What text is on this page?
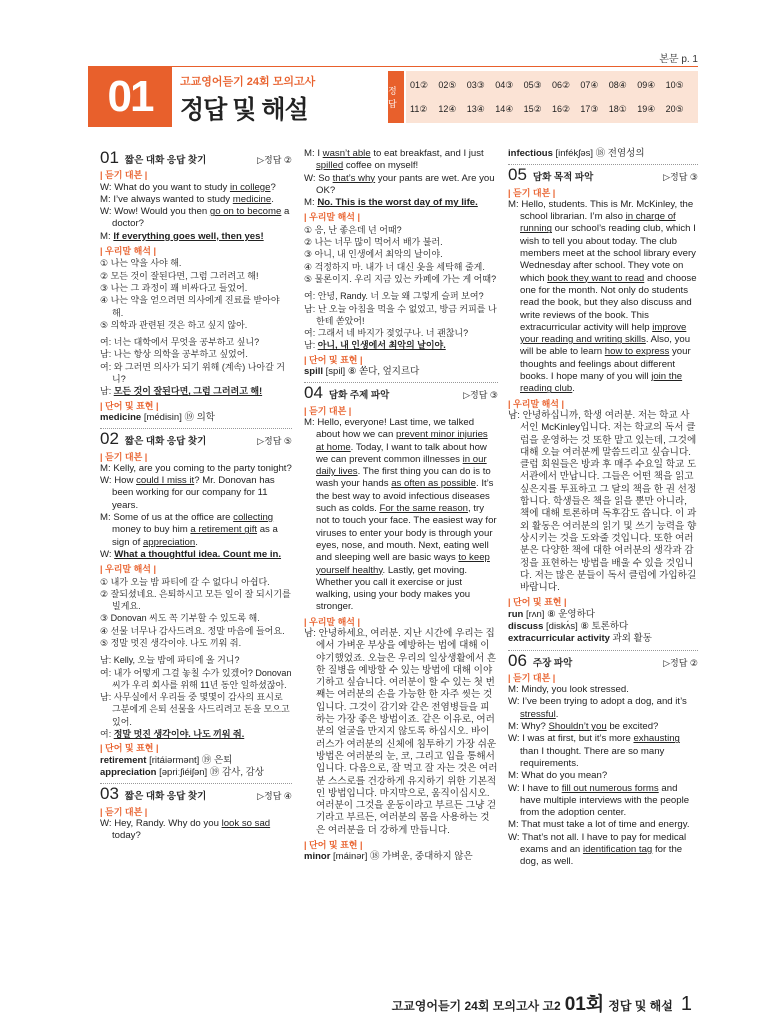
본문 p. 1
01	고교영어듣기 24회 모의고사
정답 및 해설
정 답
01②	02⑤	03③	04③	05③	06②	07④	08④	09④	10⑤
11②	12④	13④	14④	15②	16②	17③	18①	19④	20⑤
01 짧은 대화 응답 찾기	▷정답 ②
| 듣기 대본 |
W: What do you want to study in college?
M: I’ve always wanted to study medicine.
W: Wow! Would you then go on to become a doctor?
M: If everything goes well, then yes!
| 우리말 해석 |
① 나는 약을 사야 해.
② 모든 것이 잘된다면, 그럼 그러려고 해!
③ 나는 그 과정이 꽤 비싸다고 들었어.
④ 나는 약을 얻으려면 의사에게 진료를 받아야 해.
⑤ 의학과 관련된 것은 하고 싶지 않아.
여: 너는 대학에서 무엇을 공부하고 싶니?
남: 나는 항상 의학을 공부하고 싶었어.
여: 와 그러면 의사가 되기 위해 (계속) 나아갈 거니?
남: 모든 것이 잘된다면, 그럼 그러려고 해!
| 단어 및 표현 |
medicine [médisin] ⑲ 의학
02 짧은 대화 응답 찾기	▷정답 ⑤
| 듣기 대본 |
M: Kelly, are you coming to the party tonight?
W: How could I miss it? Mr. Donovan has been working for our company for 11 years.
M: Some of us at the office are collecting money to buy him a retirement gift as a sign of appreciation.
W: What a thoughtful idea. Count me in.
| 우리말 해석 |
① 내가 오늘 밤 파티에 갈 수 없다니 아쉽다.
② 잘되셨네요. 은퇴하시고 모든 일이 잘 되시기를 빌게요.
③ Donovan 씨도 꼭 기부할 수 있도록 해.
④ 선물 너무나 감사드려요. 정말 마음에 들어요.
⑤ 정말 멋진 생각이야. 나도 끼워 줘.
남: Kelly, 오늘 밤에 파티에 올 거니?
여: 내가 어떻게 그걸 놓칠 수가 있겠어? Donovan 씨가 우리 회사를 위해 11년 동안 일하셨잖아.
남: 사무실에서 우리들 중 몇몇이 감사의 표시로 그분에게 은퇴 선물을 사드리려고 돈을 모으고 있어.
여: 정말 멋진 생각이야. 나도 끼워 줘.
| 단어 및 표현 |
retirement [ritáiərmənt] ⑲ 은퇴
appreciation [əpriːʃiéiʃən] ⑲ 감사, 감상
03 짧은 대화 응답 찾기	▷정답 ④
| 듣기 대본 |
W: Hey, Randy. Why do you look so sad today?
M: I wasn’t able to eat breakfast, and I just spilled coffee on myself!
W: So that’s why your pants are wet. Are you OK?
M: No. This is the worst day of my life.
| 우리말 해석 |
① 응, 난 좋은데 넌 어때?
② 나는 너무 많이 먹어서 배가 불러.
③ 아니, 내 인생에서 최악의 날이야.
④ 걱정하지 마. 내가 너 대신 옷을 세탁해 줄게.
⑤ 물론이지. 우리 지금 있는 카페에 가는 게 어때?
여: 안녕, Randy. 너 오늘 왜 그렇게 슬퍼 보여?
남: 난 오늘 아침을 먹을 수 없었고, 방금 커피를 나한테 쏟았어!
여: 그래서 네 바지가 젖었구나. 너 괜찮니?
남: 아니, 내 인생에서 최악의 날이야.
| 단어 및 표현 |
spill [spil] ⑧ 쏟다, 엎지르다
04 담화 주제 파악	▷정답 ③
| 듣기 대본 |
M: Hello, everyone! Last time, we talked about how we can prevent minor injuries at home. Today, I want to talk about how we can prevent common illnesses in our daily lives. The first thing you can do is to wash your hands as often as possible. It’s the best way to avoid infectious diseases such as colds. For the same reason, try not to touch your face. The easiest way for viruses to enter your body is through your eyes, nose, and mouth. Next, eating well and sleeping well are basic ways to keep yourself healthy. Lastly, get moving. Whether you call it exercise or just walking, using your body makes you stronger.
| 우리말 해석 |
남: 안녕하세요, 여러분. 지난 시간에 우리는 집에서 가벼운 부상을 예방하는 법에 대해 이야기했었죠. 오늘은 우리의 일상생활에서 흔한 질병을 예방할 수 있는 방법에 대해 이야기하고 싶습니다. 여러분이 할 수 있는 첫 번째는 여러분의 손을 가능한 한 자주 씻는 것입니다. 그것이 감기와 같은 전염병들을 피하는 가장 좋은 방법이죠. 같은 이유로, 여러분의 얼굴을 만지지 않도록 하십시오. 바이러스가 여러분의 신체에 침투하기 가장 쉬운 방법은 여러분의 눈, 코, 그리고 입을 통해서입니다. 다음으로, 잘 먹고 잘 자는 것은 여러분 스스로를 건강하게 유지하기 위한 기본적인 방법입니다. 마지막으로, 움직이십시오. 여러분이 그것을 운동이라고 부르든 그냥 걷기라고 부르든, 여러분의 몸을 사용하는 것은 여러분을 더 강하게 만듭니다.
| 단어 및 표현 |
minor [máinər] ⑱ 가벼운, 중대하지 않은
infectious [infékʃəs] ⑱ 전염성의
05 담화 목적 파악	▷정답 ③
| 듣기 대본 |
M: Hello, students. This is Mr. McKinley, the school librarian. I’m also in charge of running our school’s reading club, which I wish to tell you about today. The club members meet at the school library every Wednesday after school. They vote on which book they want to read and choose one for the month. Not only do students read the book, but they also discuss and write reviews of the book. This extracurricular activity will help improve your reading and writing skills. Also, you will be able to learn how to express your thoughts and feelings about different books. I hope many of you will join the reading club.
| 우리말 해석 |
남: 안녕하십니까, 학생 여러분. 저는 학교 사서인 McKinley입니다. 저는 학교의 독서 클럽을 운영하는 것 또한 맡고 있는데, 그것에 대해 오늘 여러분께 말씀드리고 싶습니다. 클럽 회원들은 방과 후 매주 수요일 학교 도서관에서 만납니다. 그들은 어떤 책을 읽고 싶은지를 투표하고 그 달의 책을 한 권 선정합니다. 학생들은 책을 읽을 뿐만 아니라, 책에 대해 토론하며 독후감도 씁니다. 이 과외 활동은 여러분의 읽기 및 쓰기 능력을 향상시키는 것을 도와줄 것입니다. 또한 여러분은 다양한 책에 대한 여러분의 생각과 감정을 표현하는 방법을 배울 수 있을 것입니다. 저는 많은 분들이 독서 클럽에 가입하길 바랍니다.
| 단어 및 표현 |
run [rʌn] ⑧ 운영하다
discuss [diskʌ́s] ⑧ 토론하다
extracurricular activity 과외 활동
06 주장 파악	▷정답 ②
| 듣기 대본 |
M: Mindy, you look stressed.
W: I’ve been trying to adopt a dog, and it’s stressful.
M: Why? Shouldn’t you be excited?
W: I was at first, but it’s more exhausting than I thought. There are so many requirements.
M: What do you mean?
W: I have to fill out numerous forms and have multiple interviews with the people from the adoption center.
M: That must take a lot of time and energy.
W: That’s not all. I have to pay for medical exams and an identification tag for the dog, as well.
고교영어듣기 24회 모의고사 고2 01회 정답 및 해설 1
